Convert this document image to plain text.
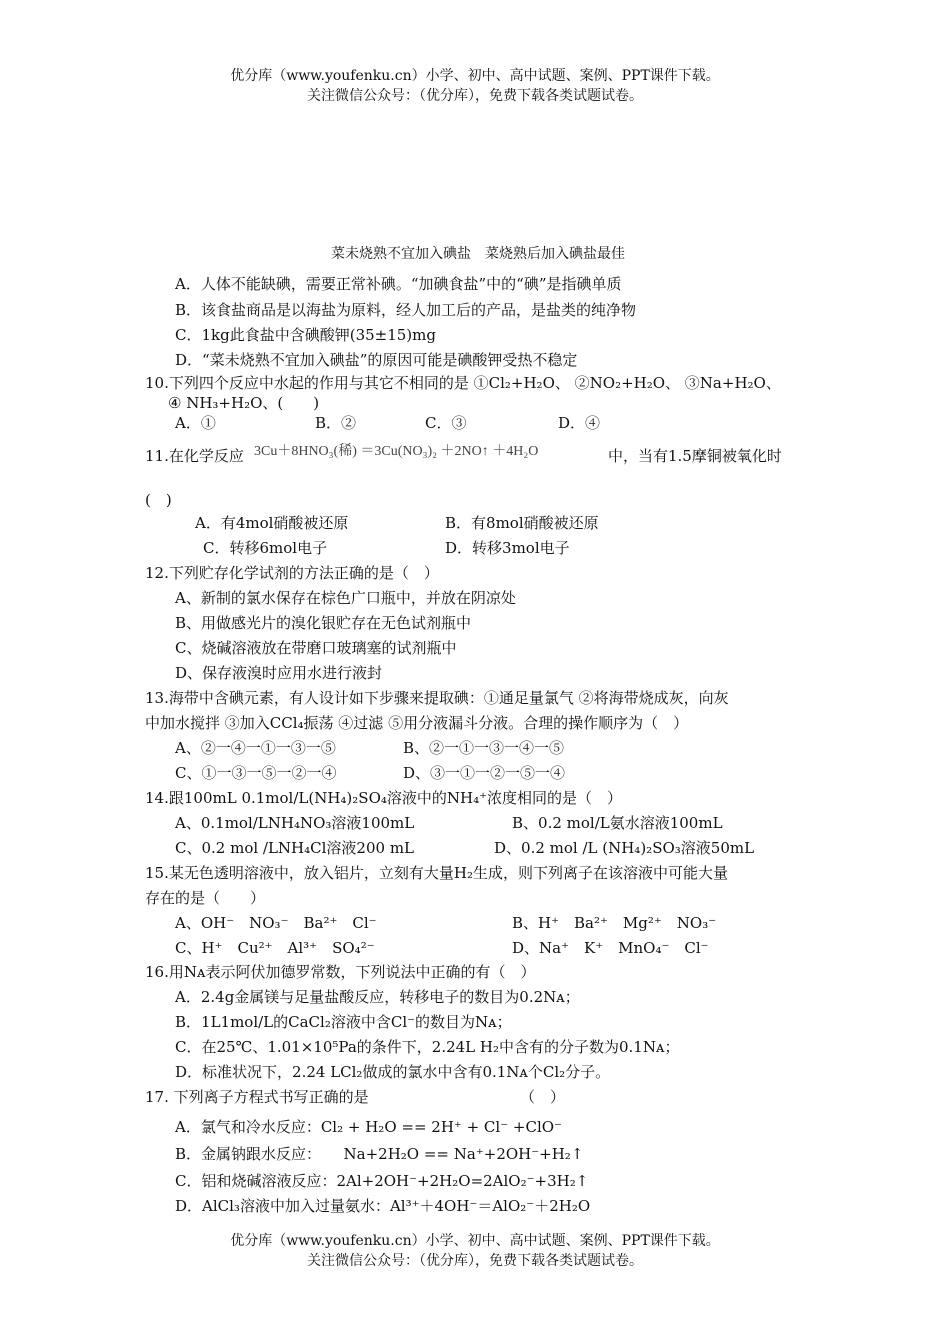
优分库（www.youfenku.cn）小学、初中、高中试题、案例、PPT课件下载。
关注微信公众号：（优分库），免费下载各类试题试卷。
菜未烧熟不宜加入碘盐　菜烧熟后加入碘盐最佳
A．人体不能缺碘，需要正常补碘。“加碘食盐”中的“碘”是指碘单质
B．该食盐商品是以海盐为原料，经人加工后的产品，是盐类的纯净物
C．1kg此食盐中含碘酸钾(35±15)mg
D．“菜未烧熟不宜加入碘盐”的原因可能是碘酸钾受热不稳定
10.下列四个反应中水起的作用与其它不相同的是 ①Cl₂+H₂O、 ②NO₂+H₂O、 ③Na+H₂O、
④ NH₃+H₂O、(　　)
A．①	B．②	C．③	D．④
11.在化学反应 3Cu＋8HNO₃(稀) ＝3Cu(NO₃)₂ ＋2NO↑ ＋4H₂O	中，当有1.5摩铜被氧化时
(　)
A．有4mol硝酸被还原	B．有8mol硝酸被还原
C．转移6mol电子	D．转移3mol电子
12.下列贮存化学试剂的方法正确的是（　）
A、新制的氯水保存在棕色广口瓶中，并放在阴凉处
B、用做感光片的溴化银贮存在无色试剂瓶中
C、烧碱溶液放在带磨口玻璃塞的试剂瓶中
D、保存液溴时应用水进行液封
13.海带中含碘元素，有人设计如下步骤来提取碘：①通足量氯气 ②将海带烧成灰，向灰
中加水搅拌 ③加入CCl₄振荡 ④过滤 ⑤用分液漏斗分液。合理的操作顺序为（　）
A、②一④一①一③一⑤	B、②一①一③一④一⑤
C、①一③一⑤一②一④	D、③一①一②一⑤一④
14.跟100mL 0.1mol/L(NH₄)₂SO₄溶液中的NH₄⁺浓度相同的是（　）
A、0.1mol/LNH₄NO₃溶液100mL	B、0.2 mol/L氨水溶液100mL
C、0.2 mol /LNH₄Cl溶液200 mL	D、0.2 mol /L (NH₄)₂SO₃溶液50mL
15.某无色透明溶液中，放入铝片，立刻有大量H₂生成，则下列离子在该溶液中可能大量
存在的是（　　）
A、OH⁻　NO₃⁻　Ba²⁺　Cl⁻	B、H⁺　Ba²⁺　Mg²⁺　NO₃⁻
C、H⁺　Cu²⁺　Al³⁺　SO₄²⁻	D、Na⁺　K⁺　MnO₄⁻　Cl⁻
16.用Nᴀ表示阿伏加德罗常数，下列说法中正确的有（　）
A．2.4g金属镁与足量盐酸反应，转移电子的数目为0.2Nᴀ；
B．1L1mol/L的CaCl₂溶液中含Cl⁻的数目为Nᴀ；
C．在25℃、1.01×10⁵Pa的条件下，2.24L H₂中含有的分子数为0.1Nᴀ；
D．标准状况下，2.24 LCl₂做成的氯水中含有0.1Nᴀ个Cl₂分子。
17. 下列离子方程式书写正确的是	（　）
A．氯气和冷水反应：Cl₂ + H₂O == 2H⁺ + Cl⁻ +ClO⁻
B．金属钠跟水反应：　　Na+2H₂O == Na⁺+2OH⁻+H₂↑
C．铝和烧碱溶液反应：2Al+2OH⁻+2H₂O=2AlO₂⁻+3H₂↑
D．AlCl₃溶液中加入过量氨水：Al³⁺＋4OH⁻＝AlO₂⁻＋2H₂O
优分库（www.youfenku.cn）小学、初中、高中试题、案例、PPT课件下载。
关注微信公众号：（优分库），免费下载各类试题试卷。
